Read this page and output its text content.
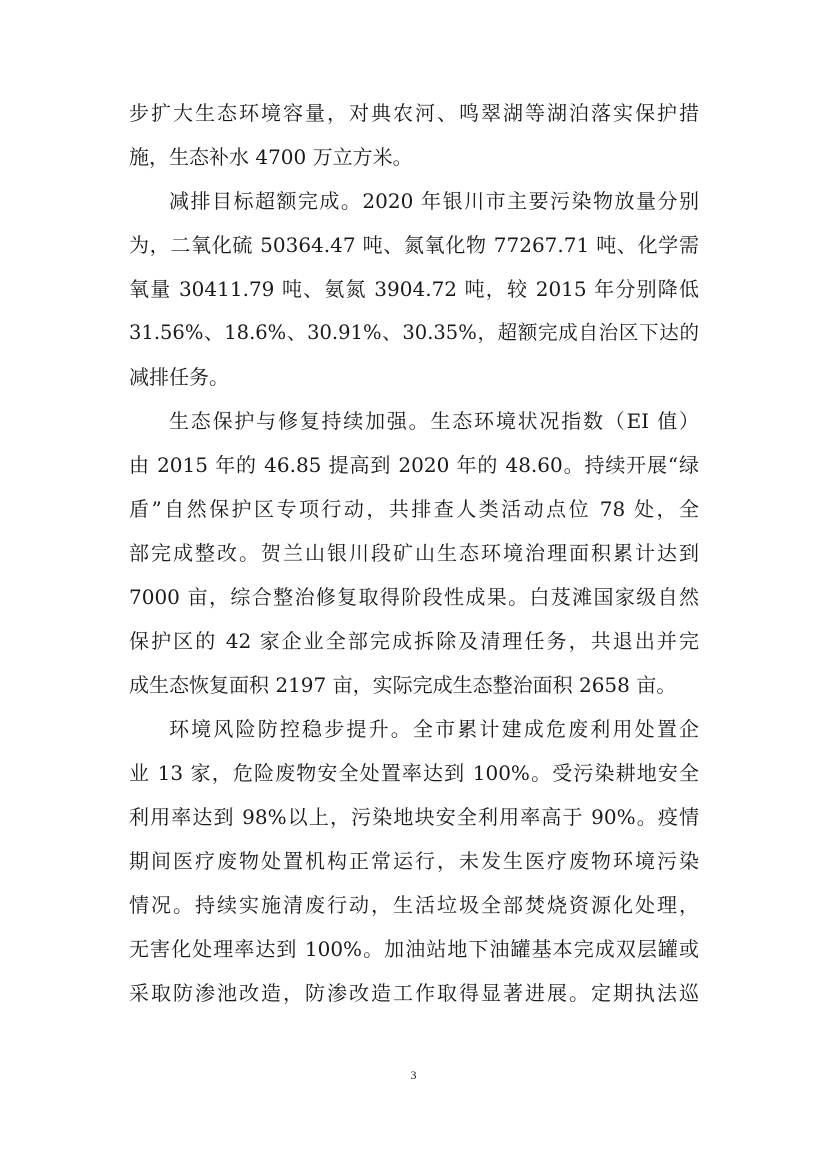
步扩大生态环境容量，对典农河、鸣翠湖等湖泊落实保护措
施，生态补水 4700 万立方米。
减排目标超额完成。2020 年银川市主要污染物放量分别
为，二氧化硫 50364.47 吨、氮氧化物 77267.71 吨、化学需
氧量 30411.79 吨、氨氮 3904.72 吨，较 2015 年分别降低
31.56%、18.6%、30.91%、30.35%，超额完成自治区下达的
减排任务。
生态保护与修复持续加强。生态环境状况指数（EI 值）
由 2015 年的 46.85 提高到 2020 年的 48.60。持续开展“绿
盾”自然保护区专项行动，共排查人类活动点位 78 处，全
部完成整改。贺兰山银川段矿山生态环境治理面积累计达到
7000 亩，综合整治修复取得阶段性成果。白芨滩国家级自然
保护区的 42 家企业全部完成拆除及清理任务，共退出并完
成生态恢复面积 2197 亩，实际完成生态整治面积 2658 亩。
环境风险防控稳步提升。全市累计建成危废利用处置企
业 13 家，危险废物安全处置率达到 100%。受污染耕地安全
利用率达到 98%以上，污染地块安全利用率高于 90%。疫情
期间医疗废物处置机构正常运行，未发生医疗废物环境污染
情况。持续实施清废行动，生活垃圾全部焚烧资源化处理，
无害化处理率达到 100%。加油站地下油罐基本完成双层罐或
采取防渗池改造，防渗改造工作取得显著进展。定期执法巡
3
